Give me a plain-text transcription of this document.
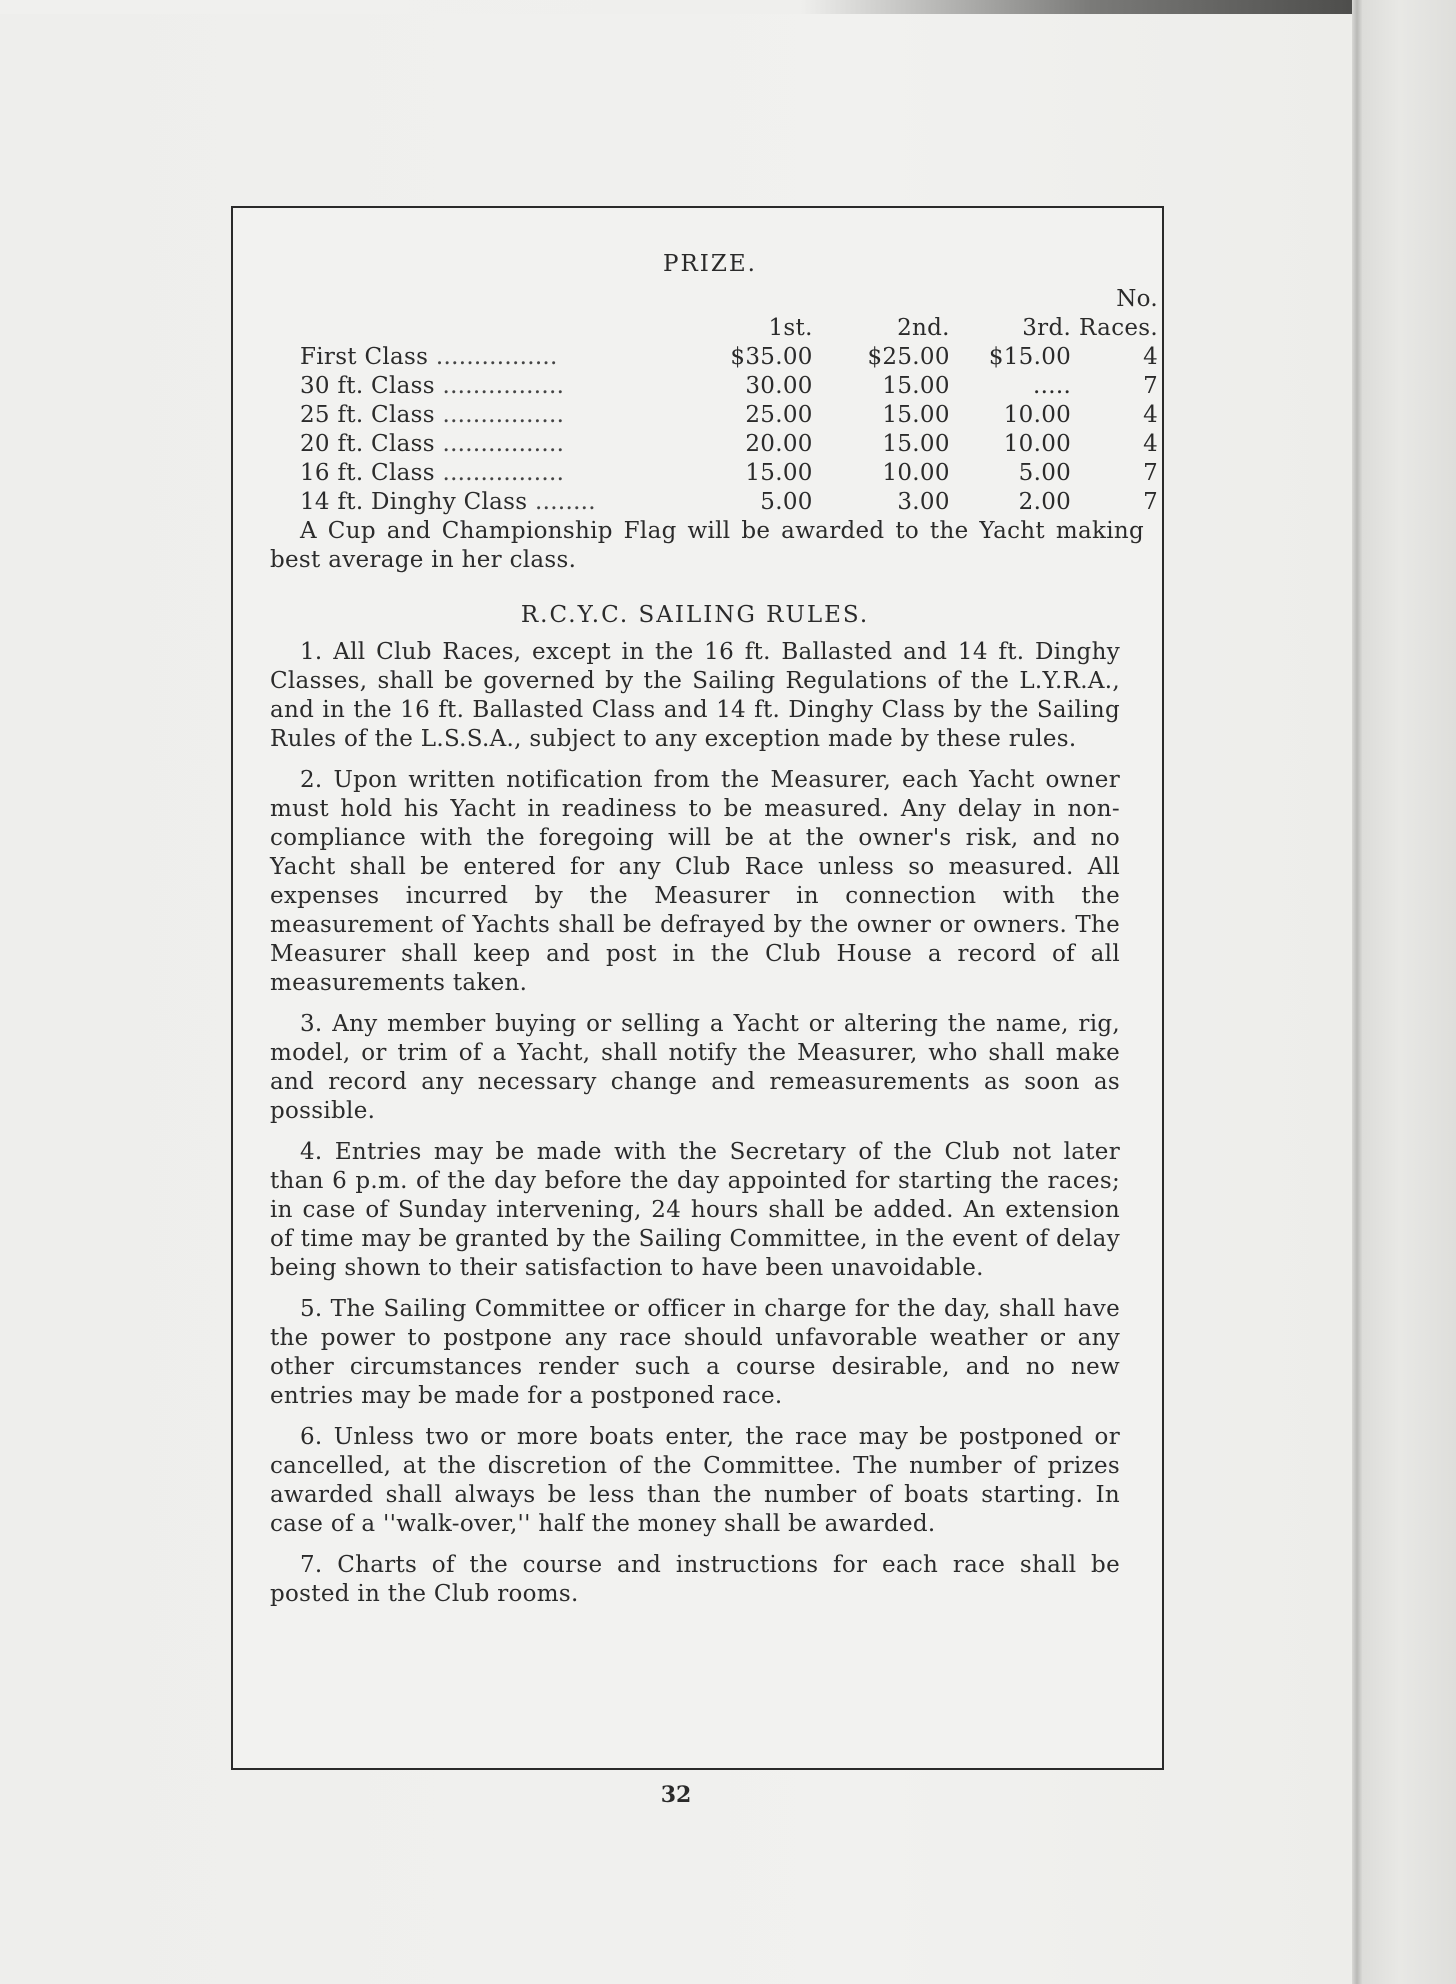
PRIZE.
				No.
	1st.	2nd.	3rd.	Races.
First Class ................	$35.00	$25.00	$15.00	4
30 ft. Class ................	30.00	15.00	.....	7
25 ft. Class ................	25.00	15.00	10.00	4
20 ft. Class ................	20.00	15.00	10.00	4
16 ft. Class ................	15.00	10.00	5.00	7
14 ft. Dinghy Class ........	5.00	3.00	2.00	7

A Cup and Championship Flag will be awarded to the Yacht making best average in her class.

R.C.Y.C. SAILING RULES.

1. All Club Races, except in the 16 ft. Ballasted and 14 ft. Dinghy Classes, shall be governed by the Sailing Regulations of the L.Y.R.A., and in the 16 ft. Ballasted Class and 14 ft. Dinghy Class by the Sailing Rules of the L.S.S.A., subject to any exception made by these rules.

2. Upon written notification from the Measurer, each Yacht owner must hold his Yacht in readiness to be measured. Any delay in non-compliance with the foregoing will be at the owner's risk, and no Yacht shall be entered for any Club Race unless so measured. All expenses incurred by the Measurer in connection with the measurement of Yachts shall be defrayed by the owner or owners. The Measurer shall keep and post in the Club House a record of all measurements taken.

3. Any member buying or selling a Yacht or altering the name, rig, model, or trim of a Yacht, shall notify the Measurer, who shall make and record any necessary change and remeasurements as soon as possible.

4. Entries may be made with the Secretary of the Club not later than 6 p.m. of the day before the day appointed for starting the races; in case of Sunday intervening, 24 hours shall be added. An extension of time may be granted by the Sailing Committee, in the event of delay being shown to their satisfaction to have been unavoidable.

5. The Sailing Committee or officer in charge for the day, shall have the power to postpone any race should unfavorable weather or any other circumstances render such a course desirable, and no new entries may be made for a postponed race.

6. Unless two or more boats enter, the race may be postponed or cancelled, at the discretion of the Committee. The number of prizes awarded shall always be less than the number of boats starting. In case of a ''walk-over,'' half the money shall be awarded.

7. Charts of the course and instructions for each race shall be posted in the Club rooms.

32
